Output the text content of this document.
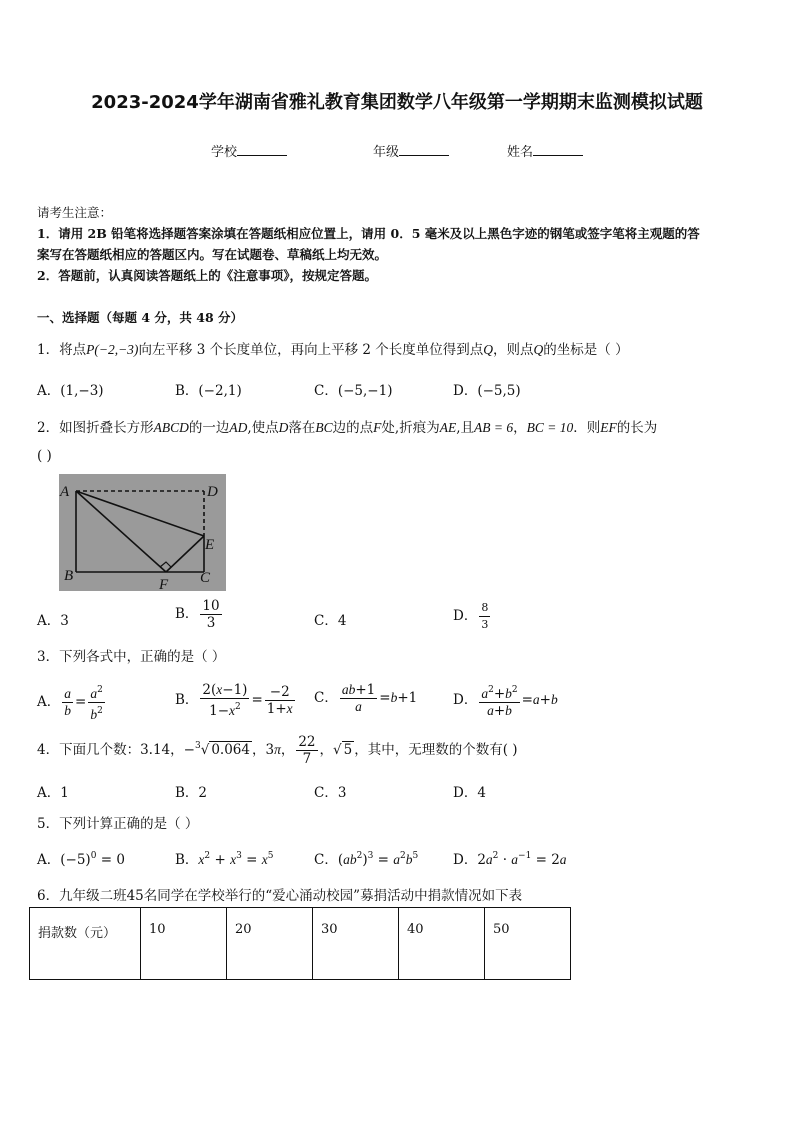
2023-2024学年湖南省雅礼教育集团数学八年级第一学期期末监测模拟试题
学校	年级	姓名
请考生注意：
1．请用 2B 铅笔将选择题答案涂填在答题纸相应位置上，请用 0．5 毫米及以上黑色字迹的钢笔或签字笔将主观题的答
案写在答题纸相应的答题区内。写在试题卷、草稿纸上均无效。
2．答题前，认真阅读答题纸上的《注意事项》，按规定答题。
一、选择题（每题 4 分，共 48 分）
1．将点P(−2,−3)向左平移 3 个长度单位，再向上平移 2 个长度单位得到点Q，则点Q的坐标是（ ）
A．(1,−3)	B．(−2,1)	C．(−5,−1)	D．(−5,5)
2．如图折叠长方形ABCD的一边AD,使点D落在BC边的点F处,折痕为AE,且AB = 6，BC = 10．则EF的长为
( )
A	D
E
B
F C
A．3	B． $\frac{10}{3}$	C．4	D． $\frac{8}{3}$
3．下列各式中，正确的是（ ）
A． $\frac{a}{b} = \frac{a^2}{b^2}$	B． $\frac{2(x-1)}{1-x^2} = \frac{-2}{1+x}$ C． $\frac{ab+1}{a} =b+1$	D． $\frac{a^2+b^2}{a+b} =a+b$
4．下面几个数：3.14，−$^3$√ 0.064 ，3π， $\frac{22}{7}$ ，√ 5 ，其中，无理数的个数有( )
A．1	B．2	C．3	D．4
5．下列计算正确的是（ ）
A．$(-5)^0 = 0$	B．$x^2 + x^3 = x^5$	C．$(ab^2)^3 = a^2b^5$	D．$2a^2 \cdot a^{-1} = 2a$
6．九年级二班45名同学在学校举行的“爱心涌动校园”募捐活动中捐款情况如下表
捐款数（元）	10	20	30	40	50
